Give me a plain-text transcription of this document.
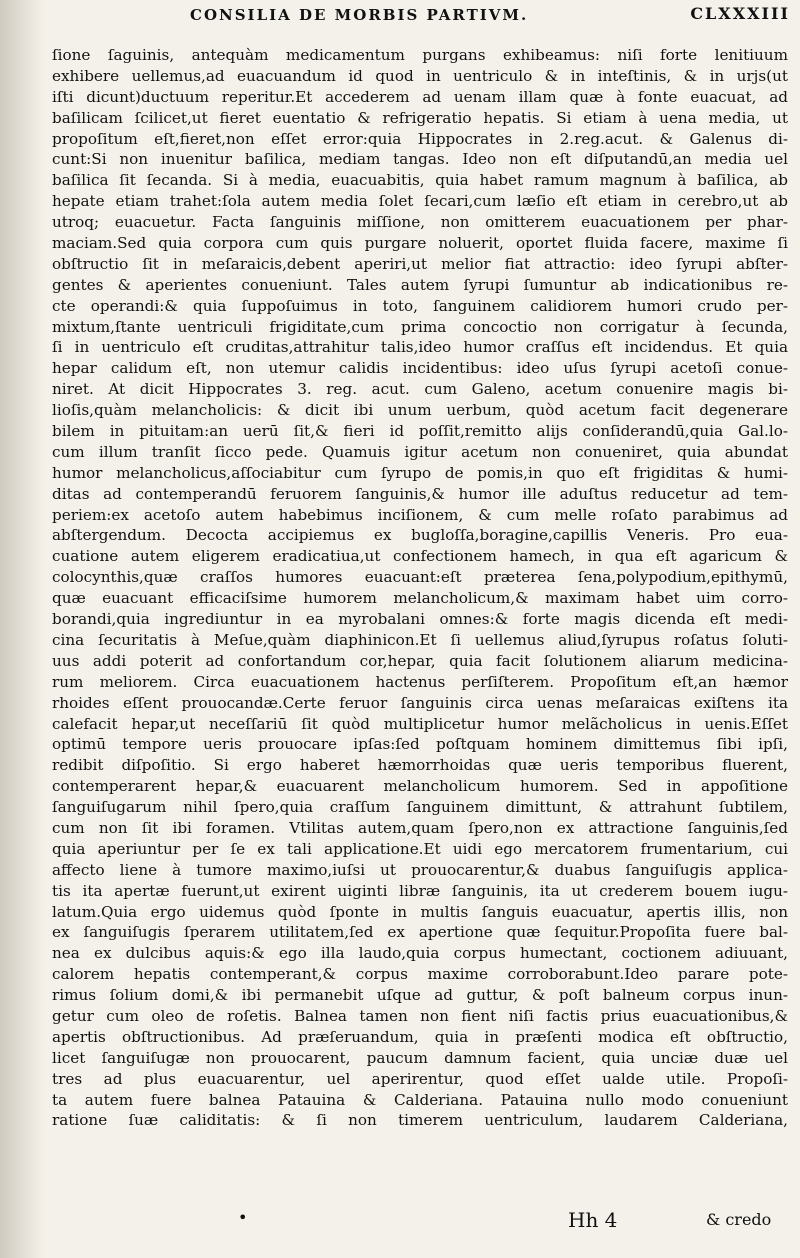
CONSILIA DE MORBIS PARTIVM.	CLXXXIII
ſione ſaguinis, antequàm medicamentum purgans exhibeamus: niſi forte lenitiuum
exhibere uellemus,ad euacuandum id quod in uentriculo & in inteſtinis, & in urjs(ut
iſti dicunt)ductuum reperitur.Et accederem ad uenam illam quæ à fonte euacuat, ad
baſilicam ſcilicet,ut fieret euentatio & refrigeratio hepatis. Si etiam à uena media, ut
propoſitum eſt,fieret,non eſſet error:quia Hippocrates in 2.reg.acut. & Galenus di-
cunt:Si non inuenitur baſilica, mediam tangas. Ideo non eſt diſputandū,an media uel
baſilica ſit ſecanda. Si à media, euacuabitis, quia habet ramum magnum à baſilica, ab
hepate etiam trahet:ſola autem media ſolet ſecari,cum læſio eſt etiam in cerebro,ut ab
utroq; euacuetur. Facta ſanguinis miſſione, non omitterem euacuationem per phar-
maciam.Sed quia corpora cum quis purgare noluerit, oportet fluida facere, maxime ſi
obſtructio ſit in meſaraicis,debent aperiri,ut melior fiat attractio: ideo ſyrupi abſter-
gentes & aperientes conueniunt. Tales autem ſyrupi ſumuntur ab indicationibus re-
cte operandi:& quia ſuppoſuimus in toto, ſanguinem calidiorem humori crudo per-
mixtum,ſtante uentriculi frigiditate,cum prima concoctio non corrigatur à ſecunda,
ſi in uentriculo eſt cruditas,attrahitur talis,ideo humor craſſus eſt incidendus. Et quia
hepar calidum eſt, non utemur calidis incidentibus: ideo uſus ſyrupi acetoſi conue-
niret. At dicit Hippocrates 3. reg. acut. cum Galeno, acetum conuenire magis bi-
lioſis,quàm melancholicis: & dicit ibi unum uerbum, quòd acetum facit degenerare
bilem in pituitam:an uerū ſit,& fieri id poſſit,remitto alijs conſiderandū,quia Gal.lo-
cum illum tranſit ſicco pede. Quamuis igitur acetum non conueniret, quia abundat
humor melancholicus,aſſociabitur cum ſyrupo de pomis,in quo eſt frigiditas & humi-
ditas ad contemperandū feruorem ſanguinis,& humor ille aduſtus reducetur ad tem-
periem:ex acetoſo autem habebimus inciſionem, & cum melle roſato parabimus ad
abſtergendum. Decocta accipiemus ex bugloſſa,boragine,capillis Veneris. Pro eua-
cuatione autem eligerem eradicatiua,ut confectionem hamech, in qua eſt agaricum &
colocynthis,quæ craſſos humores euacuant:eſt præterea ſena,polypodium,epithymū,
quæ euacuant efficaciſsime humorem melancholicum,& maximam habet uim corro-
borandi,quia ingrediuntur in ea myrobalani omnes:& forte magis dicenda eſt medi-
cina ſecuritatis à Meſue,quàm diaphinicon.Et ſi uellemus aliud,ſyrupus roſatus ſoluti-
uus addi poterit ad confortandum cor,hepar, quia facit ſolutionem aliarum medicina-
rum meliorem. Circa euacuationem hactenus perſiſterem. Propoſitum eſt,an hæmor
rhoides eſſent prouocandæ.Certe feruor ſanguinis circa uenas meſaraicas exiſtens ita
calefacit hepar,ut neceſſariū ſit quòd multiplicetur humor melãcholicus in uenis.Eſſet
optimū tempore ueris prouocare ipſas:ſed poſtquam hominem dimittemus ſibi ipſi,
redibit diſpoſitio. Si ergo haberet hæmorrhoidas quæ ueris temporibus fluerent,
contemperarent hepar,& euacuarent melancholicum humorem. Sed in appoſitione
ſanguiſugarum nihil ſpero,quia craſſum ſanguinem dimittunt, & attrahunt ſubtilem,
cum non ſit ibi foramen. Vtilitas autem,quam ſpero,non ex attractione ſanguinis,ſed
quia aperiuntur per ſe ex tali applicatione.Et uidi ego mercatorem frumentarium, cui
affecto liene à tumore maximo,iuſsi ut prouocarentur,& duabus ſanguiſugis applica-
tis ita apertæ fuerunt,ut exirent uiginti libræ ſanguinis, ita ut crederem bouem iugu-
latum.Quia ergo uidemus quòd ſponte in multis ſanguis euacuatur, apertis illis, non
ex ſanguiſugis ſperarem utilitatem,ſed ex apertione quæ ſequitur.Propoſita fuere bal-
nea ex dulcibus aquis:& ego illa laudo,quia corpus humectant, coctionem adiuuant,
calorem hepatis contemperant,& corpus maxime corroborabunt.Ideo parare pote-
rimus ſolium domi,& ibi permanebit uſque ad guttur, & poſt balneum corpus inun-
getur cum oleo de roſetis. Balnea tamen non fient niſi factis prius euacuationibus,&
apertis obſtructionibus. Ad præſeruandum, quia in præſenti modica eſt obſtructio,
licet ſanguiſugæ non prouocarent, paucum damnum facient, quia unciæ duæ uel
tres ad plus euacuarentur, uel aperirentur, quod eſſet ualde utile. Propoſi-
ta autem fuere balnea Patauina & Calderiana. Patauina nullo modo conueniunt
ratione ſuæ caliditatis: & ſi non timerem uentriculum, laudarem Calderiana,
•	Hh 4	& credo
